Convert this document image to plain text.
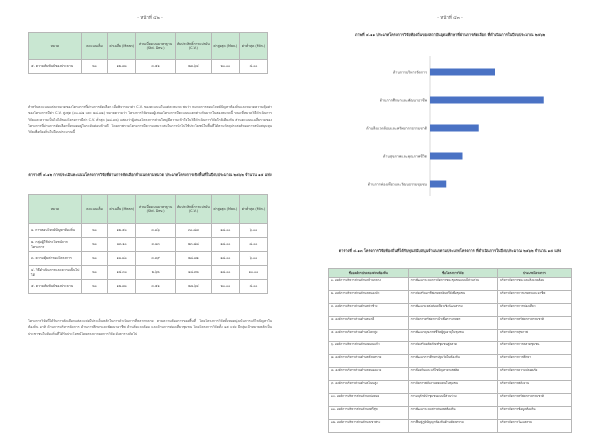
- หน้าที่ ๔๒ -
หมวด	คะแนนเต็ม	ค่าเฉลี่ย (Mean)	ส่วนเบี่ยงเบนมาตรฐาน (Std. Dev.)	สัมประสิทธิ์การแปรผัน (C.V.)	ค่าสูงสุด (Max.)	ค่าต่ำสุด (Min.)
๕. ความสัมพันธ์ของประธาน	๒๐	๑๒.๗๐	๓.๕๑	๒๗.๖๔	๒๐.๐๐	๔.๐๐

สำหรับคะแนนแต่ละหมวดของโครงการที่ผ่านการคัดเลือก เมื่อพิจารณาค่า C.V. ของคะแนนในแต่ละหมวด พบว่า หมวดการตอบโจทย์ปัญหาท้องถิ่นและหมวดความคุ้มค่าของโครงการมีค่า C.V. สูงสุด (๓๐.๘๗ และ ๒๘.๗๑) หมายความว่า โครงการวิจัยของผู้เสนอโครงการมีคะแนนแตกต่างกันมากในสองหมวดนี้ ขณะที่หมวดวิธีดำเนินการวิจัยและความเป็นไปได้ของโครงการมีค่า C.V. ต่ำสุด (๑๘.๓๒) แสดงว่าผู้เสนอโครงการส่วนใหญ่มีความเข้าใจในวิธีดำเนินการวิจัยใกล้เคียงกัน ส่วนคะแนนเฉลี่ยรวมของโครงการที่ผ่านการคัดเลือกทั้งหมดอยู่ในระดับค่อนข้างดี โดยภาพรวมโครงการมีความเหมาะสมในการนำไปใช้ประโยชน์ในพื้นที่ได้ตามวัตถุประสงค์ของการสนับสนุนทุนวิจัยเพื่อท้องถิ่นในปีงบประมาณนี้

ตารางที่ ๔.๑๒ การประเมินคะแนนโครงการวิจัยที่ผ่านการคัดเลือกจำแนกตามหมวด ประเภทโครงการเชิงพื้นที่ในปีงบประมาณ ๒๕๖๒ จำนวน ๑๕ แห่ง
หมวด	คะแนนเต็ม	ค่าเฉลี่ย (Mean)	ส่วนเบี่ยงเบนมาตรฐาน (Std. Dev.)	สัมประสิทธิ์การแปรผัน (C.V.)	ค่าสูงสุด (Max.)	ค่าต่ำสุด (Min.)
๑. การตอบโจทย์ปัญหาท้องถิ่น	๒๐	๑๒.๕๐	๓.๘๖	๓๐.๘๗	๑๘.๐๐	๖.๐๐
๒. กลุ่มผู้ใช้ประโยชน์จากโครงการ	๒๐	๑๓.๑๐	๓.๑๓	๒๓.๘๘	๑๘.๐๐	๘.๐๐
๓. ความคุ้มค่าของโครงการ	๒๐	๑๑.๘๐	๓.๓๙	๒๘.๗๑	๑๘.๐๐	๖.๐๐
๔. วิธีดำเนินการและความเป็นไปได้	๒๐	๑๔.๓๐	๒.๖๒	๑๘.๓๒	๑๘.๐๐	๑๐.๐๐
๕. ความสัมพันธ์ของประธาน	๒๐	๑๒.๗๐	๓.๕๑	๒๗.๖๔	๒๐.๐๐	๔.๐๐

โครงการวิจัยที่ได้รับการคัดเลือกแต่ละแห่งมีประเด็นหลักในการดำเนินการที่หลากหลาย ตามความต้องการของพื้นที่ โดยโครงการวิจัยทั้งหมดมุ่งเน้นการแก้ไขปัญหาในท้องถิ่น อาทิ ด้านการบริหารจัดการ ด้านการศึกษาและพัฒนาอาชีพ ด้านสิ่งแวดล้อม และด้านการท่องเที่ยวชุมชน โดยโครงการวิจัยทั้ง ๑๕ แห่ง มีกลุ่มเป้าหมายหลักเป็นประชาชนในท้องถิ่นที่ได้รับประโยชน์โดยตรงจากผลการวิจัย ดังตารางถัดไป

- หน้าที่ ๔๓ -
ภาพที่ ๔.๑๑ ประเภทโครงการวิจัยท้องถิ่นของสถาบันอุดมศึกษาที่ผ่านการคัดเลือก ที่ดำเนินการในปีงบประมาณ ๒๕๖๒
ด้านการบริหารจัดการ
ด้านการศึกษาและพัฒนาอาชีพ
ด้านสิ่งแวดล้อมและทรัพยากรธรรมชาติ
ด้านสุขภาพและคุณภาพชีวิต
ด้านการท่องเที่ยวและวัฒนธรรมชุมชน
ตารางที่ ๔.๑๓ โครงการวิจัยท้องถิ่นที่ได้รับทุนสนับสนุนจำแนกตามประเภทโครงการ ที่ดำเนินการในปีงบประมาณ ๒๕๖๒ จำนวน ๑๕ แห่ง
ชื่อองค์กรปกครองส่วนท้องถิ่น	ชื่อโครงการวิจัย	ประเภทโครงการ
๑. องค์การบริหารส่วนตำบลบ้านกลาง	การพัฒนาระบบการจัดการขยะชุมชนแบบมีส่วนร่วม	บริหารจัดการขยะและสิ่งแวดล้อม
๒. องค์การบริหารส่วนตำบลหนองบัว	การส่งเสริมอาชีพเกษตรอินทรีย์เพื่อชุมชน	บริหารจัดการการเกษตรและอาชีพ
๓. องค์การบริหารส่วนตำบลท่าช้าง	การพัฒนาแหล่งท่องเที่ยวเชิงวัฒนธรรม	บริหารจัดการการท่องเที่ยว
๔. องค์การบริหารส่วนตำบลนาดี	การจัดการทรัพยากรน้ำเพื่อการเกษตร	บริหารจัดการทรัพยากรธรรมชาติ
๕. องค์การบริหารส่วนตำบลโคกสูง	การพัฒนาคุณภาพชีวิตผู้สูงอายุในชุมชน	บริหารจัดการสุขภาพ
๖. องค์การบริหารส่วนตำบลดอนแก้ว	การส่งเสริมผลิตภัณฑ์ชุมชนสู่ตลาด	บริหารจัดการการตลาดชุมชน
๗. องค์การบริหารส่วนตำบลห้วยทราย	การพัฒนาการศึกษาปฐมวัยในท้องถิ่น	บริหารจัดการการศึกษา
๘. องค์การบริหารส่วนตำบลหนองแวง	การป้องกันและแก้ไขปัญหายาเสพติด	บริหารจัดการความปลอดภัย
๙. องค์การบริหารส่วนตำบลโนนสูง	การจัดการพลังงานทดแทนในชุมชน	บริหารจัดการพลังงาน
๑๐. องค์การบริหารส่วนตำบลบ่อทอง	การอนุรักษ์ป่าชุมชนแบบมีส่วนร่วม	บริหารจัดการทรัพยากรธรรมชาติ
๑๑. องค์การบริหารส่วนตำบลศรีสุข	การพัฒนาระบบสารสนเทศท้องถิ่น	บริหารจัดการข้อมูลท้องถิ่น
๑๒. องค์การบริหารส่วนตำบลเขาพระ	การฟื้นฟูภูมิปัญญาท้องถิ่นด้านหัตถกรรม	บริหารจัดการวัฒนธรรม
